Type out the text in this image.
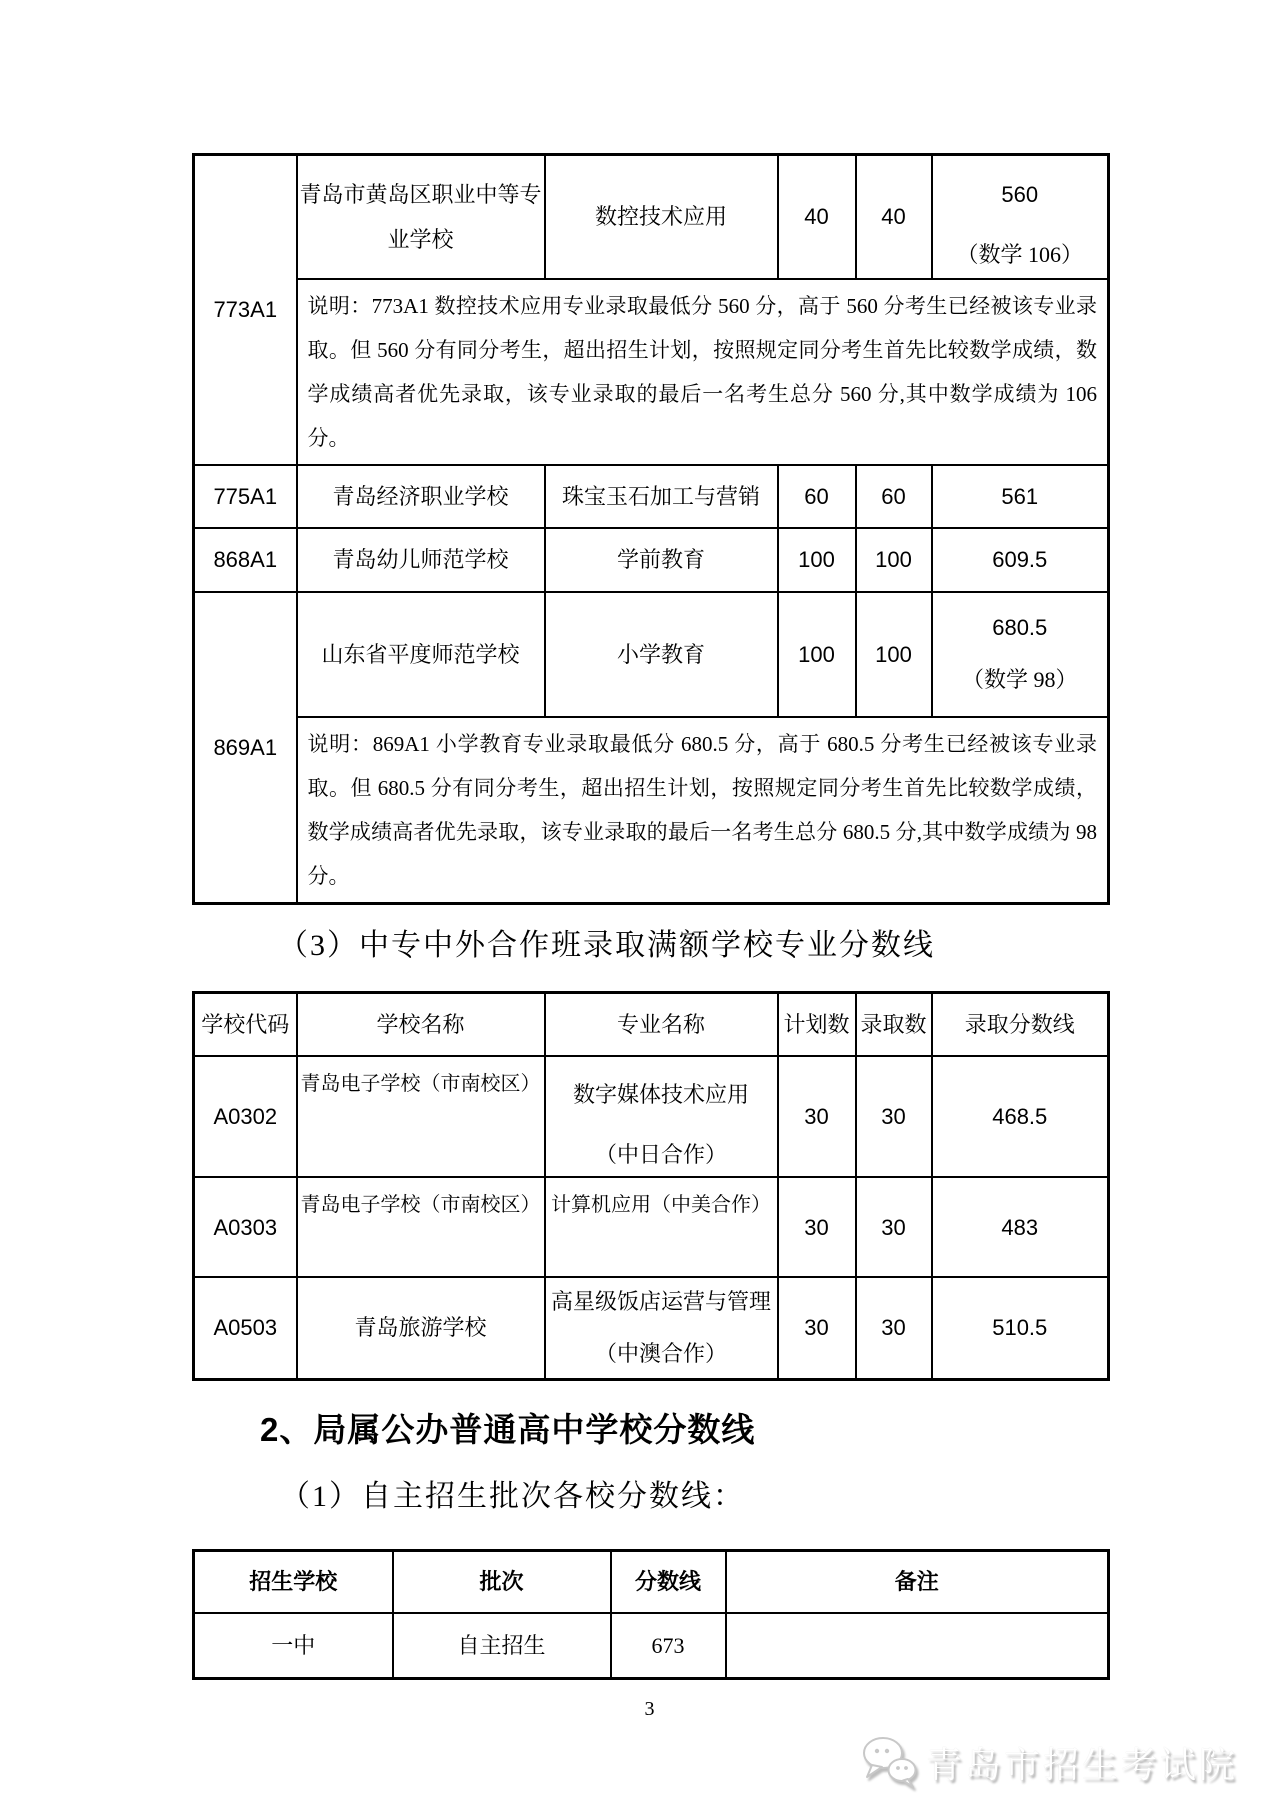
773A1	青岛市黄岛区职业中等专业学校	数控技术应用	40	40	560
（数学 106）

	说明：773A1 数控技术应用专业录取最低分 560 分，高于 560 分考生已经被该专业录取。但 560 分有同分考生，超出招生计划，按照规定同分考生首先比较数学成绩，数学成绩高者优先录取，该专业录取的最后一名考生总分 560 分,其中数学成绩为 106 分。				
775A1	青岛经济职业学校	珠宝玉石加工与营销	60	60	561
868A1	青岛幼儿师范学校	学前教育	100	100	609.5
869A1	山东省平度师范学校	小学教育	100	100	680.5
（数学 98）

	说明：869A1 小学教育专业录取最低分 680.5 分，高于 680.5 分考生已经被该专业录取。但 680.5 分有同分考生，超出招生计划，按照规定同分考生首先比较数学成绩，数学成绩高者优先录取，该专业录取的最后一名考生总分 680.5 分,其中数学成绩为 98 分。				
（3）中专中外合作班录取满额学校专业分数线
学校代码	学校名称	专业名称	计划数	录取数	录取分数线
A0302	青岛电子学校（市南校区）	数字媒体技术应用
（中日合作）	30	30	468.5
A0303	青岛电子学校（市南校区）	计算机应用（中美合作）	30	30	483
A0503	青岛旅游学校	高星级饭店运营与管理
（中澳合作）	30	30	510.5
2、局属公办普通高中学校分数线
（1）自主招生批次各校分数线：
招生学校	批次	分数线	备注
一中	自主招生	673	
3
青岛市招生考试院
